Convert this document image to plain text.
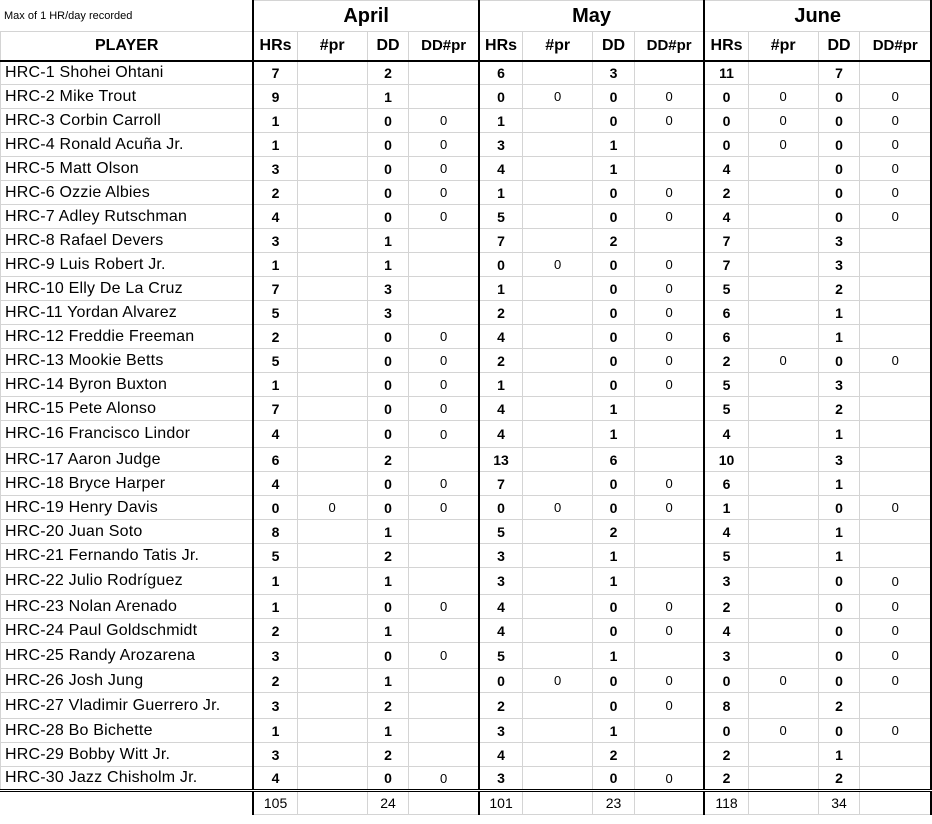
Max of 1 HR/day recorded	April				May				June			
PLAYER	HRs	#pr	DD	DD#pr	HRs	#pr	DD	DD#pr	HRs	#pr	DD	DD#pr
HRC-1 Shohei Ohtani	7		2		6		3		11		7	
HRC-2 Mike Trout	9		1		0	0	0	0	0	0	0	0
HRC-3 Corbin Carroll	1		0	0	1		0	0	0	0	0	0
HRC-4 Ronald Acuña Jr.	1		0	0	3		1		0	0	0	0
HRC-5 Matt Olson	3		0	0	4		1		4		0	0
HRC-6 Ozzie Albies	2		0	0	1		0	0	2		0	0
HRC-7 Adley Rutschman	4		0	0	5		0	0	4		0	0
HRC-8 Rafael Devers	3		1		7		2		7		3	
HRC-9 Luis Robert Jr.	1		1		0	0	0	0	7		3	
HRC-10 Elly De La Cruz	7		3		1		0	0	5		2	
HRC-11 Yordan Alvarez	5		3		2		0	0	6		1	
HRC-12 Freddie Freeman	2		0	0	4		0	0	6		1	
HRC-13 Mookie Betts	5		0	0	2		0	0	2	0	0	0
HRC-14 Byron Buxton	1		0	0	1		0	0	5		3	
HRC-15 Pete Alonso	7		0	0	4		1		5		2	
HRC-16 Francisco Lindor	4		0	0	4		1		4		1	
HRC-17 Aaron Judge	6		2		13		6		10		3	
HRC-18 Bryce Harper	4		0	0	7		0	0	6		1	
HRC-19 Henry Davis	0	0	0	0	0	0	0	0	1		0	0
HRC-20 Juan Soto	8		1		5		2		4		1	
HRC-21 Fernando Tatis Jr.	5		2		3		1		5		1	
HRC-22 Julio Rodríguez	1		1		3		1		3		0	0
HRC-23 Nolan Arenado	1		0	0	4		0	0	2		0	0
HRC-24 Paul Goldschmidt	2		1		4		0	0	4		0	0
HRC-25 Randy Arozarena	3		0	0	5		1		3		0	0
HRC-26 Josh Jung	2		1		0	0	0	0	0	0	0	0
HRC-27 Vladimir Guerrero Jr.	3		2		2		0	0	8		2	
HRC-28 Bo Bichette	1		1		3		1		0	0	0	0
HRC-29 Bobby Witt Jr.	3		2		4		2		2		1	
HRC-30 Jazz Chisholm Jr.	4		0	0	3		0	0	2		2	
	105		24		101		23		118		34	
